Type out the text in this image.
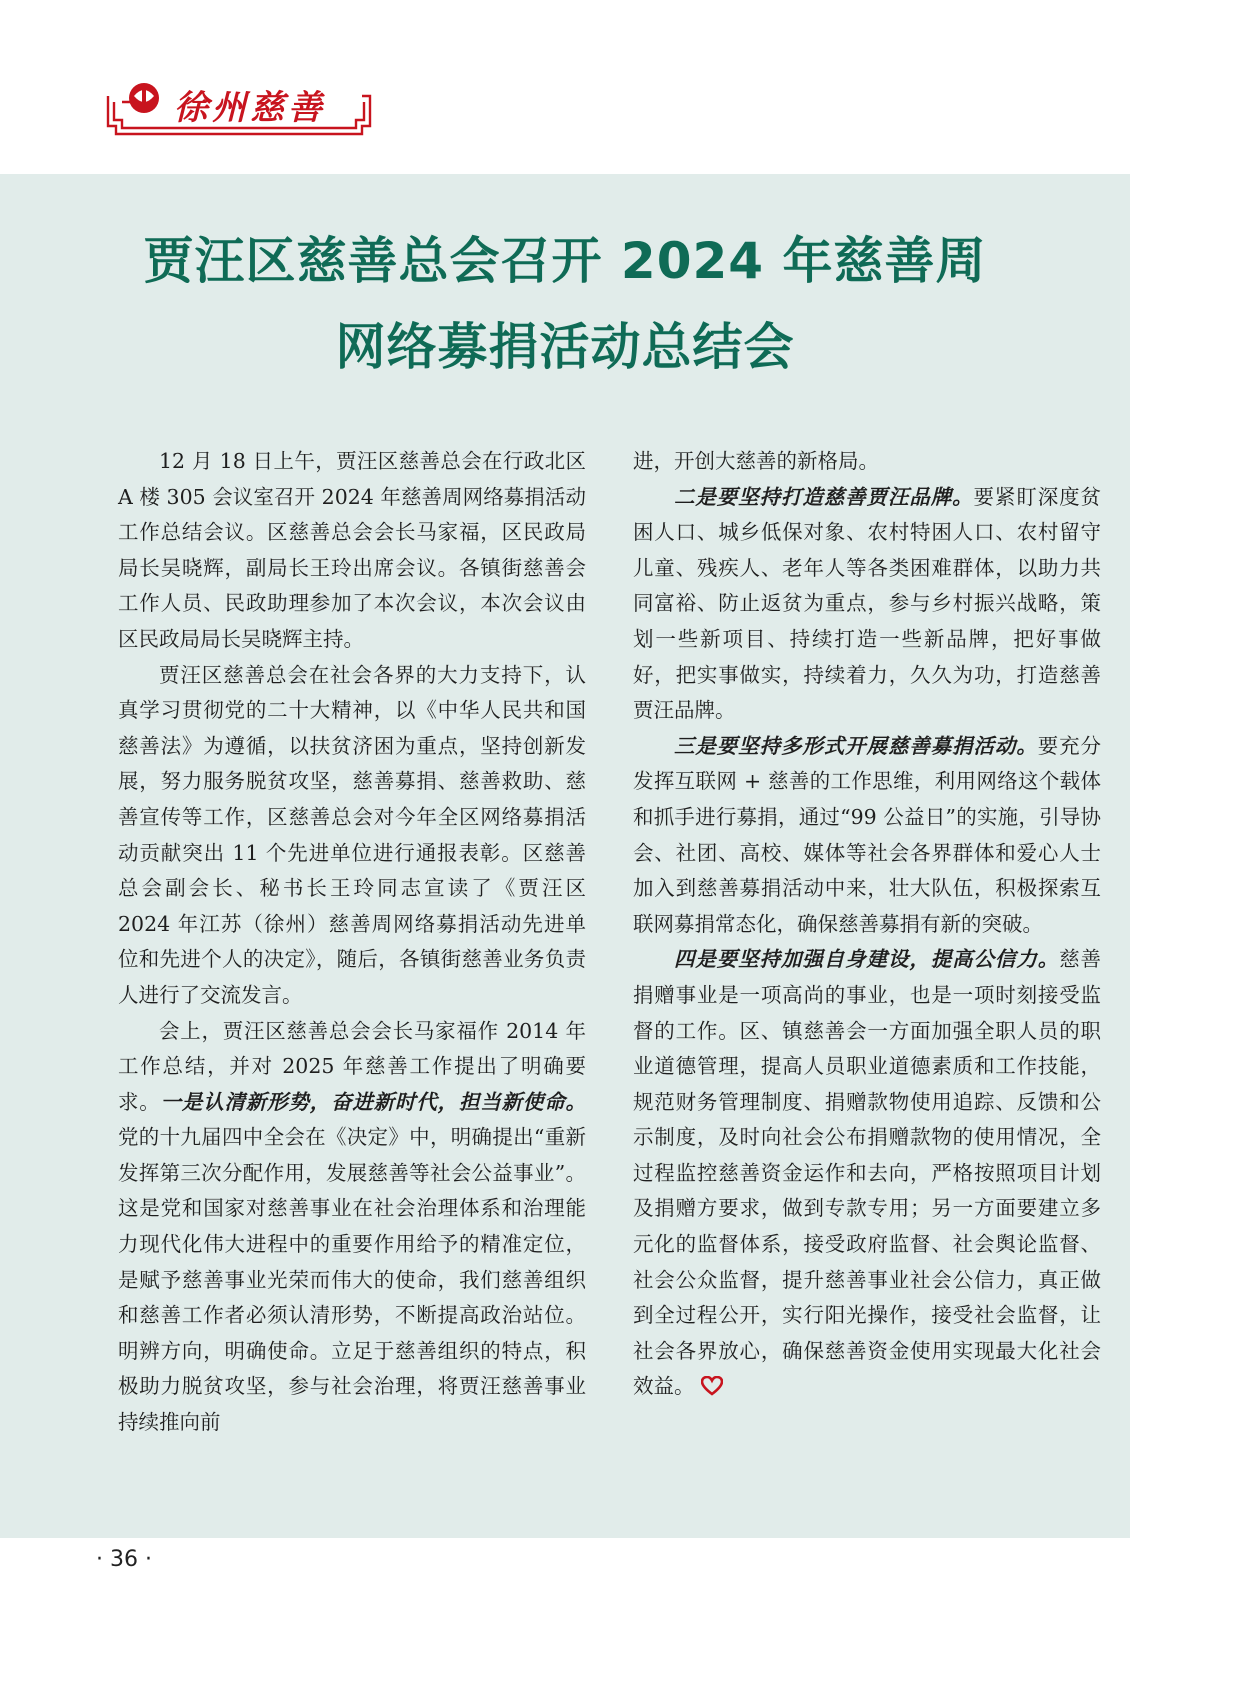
徐州慈善
贾汪区慈善总会召开 2024 年慈善周
网络募捐活动总结会

12 月 18 日上午，贾汪区慈善总会在行政北区 A 楼 305 会议室召开 2024 年慈善周网络募捐活动工作总结会议。区慈善总会会长马家福，区民政局局长吴晓辉，副局长王玲出席会议。各镇街慈善会工作人员、民政助理参加了本次会议，本次会议由区民政局局长吴晓辉主持。

贾汪区慈善总会在社会各界的大力支持下，认真学习贯彻党的二十大精神，以《中华人民共和国慈善法》为遵循，以扶贫济困为重点，坚持创新发展，努力服务脱贫攻坚，慈善募捐、慈善救助、慈善宣传等工作，区慈善总会对今年全区网络募捐活动贡献突出 11 个先进单位进行通报表彰。区慈善总会副会长、秘书长王玲同志宣读了《贾汪区 2024 年江苏（徐州）慈善周网络募捐活动先进单位和先进个人的决定》，随后，各镇街慈善业务负责人进行了交流发言。

会上，贾汪区慈善总会会长马家福作 2014 年工作总结，并对 2025 年慈善工作提出了明确要求。一是认清新形势，奋进新时代，担当新使命。党的十九届四中全会在《决定》中，明确提出“重新发挥第三次分配作用，发展慈善等社会公益事业”。这是党和国家对慈善事业在社会治理体系和治理能力现代化伟大进程中的重要作用给予的精准定位，是赋予慈善事业光荣而伟大的使命，我们慈善组织和慈善工作者必须认清形势，不断提高政治站位。明辨方向，明确使命。立足于慈善组织的特点，积极助力脱贫攻坚，参与社会治理，将贾汪慈善事业持续推向前

进，开创大慈善的新格局。

二是要坚持打造慈善贾汪品牌。要紧盯深度贫困人口、城乡低保对象、农村特困人口、农村留守儿童、残疾人、老年人等各类困难群体，以助力共同富裕、防止返贫为重点，参与乡村振兴战略，策划一些新项目、持续打造一些新品牌，把好事做好，把实事做实，持续着力，久久为功，打造慈善贾汪品牌。

三是要坚持多形式开展慈善募捐活动。要充分发挥互联网 + 慈善的工作思维，利用网络这个载体和抓手进行募捐，通过“99 公益日”的实施，引导协会、社团、高校、媒体等社会各界群体和爱心人士加入到慈善募捐活动中来，壮大队伍，积极探索互联网募捐常态化，确保慈善募捐有新的突破。

四是要坚持加强自身建设，提高公信力。慈善捐赠事业是一项高尚的事业，也是一项时刻接受监督的工作。区、镇慈善会一方面加强全职人员的职业道德管理，提高人员职业道德素质和工作技能，规范财务管理制度、捐赠款物使用追踪、反馈和公示制度，及时向社会公布捐赠款物的使用情况，全过程监控慈善资金运作和去向，严格按照项目计划及捐赠方要求，做到专款专用；另一方面要建立多元化的监督体系，接受政府监督、社会舆论监督、社会公众监督，提升慈善事业社会公信力，真正做到全过程公开，实行阳光操作，接受社会监督，让社会各界放心，确保慈善资金使用实现最大化社会效益。

· 36 ·
